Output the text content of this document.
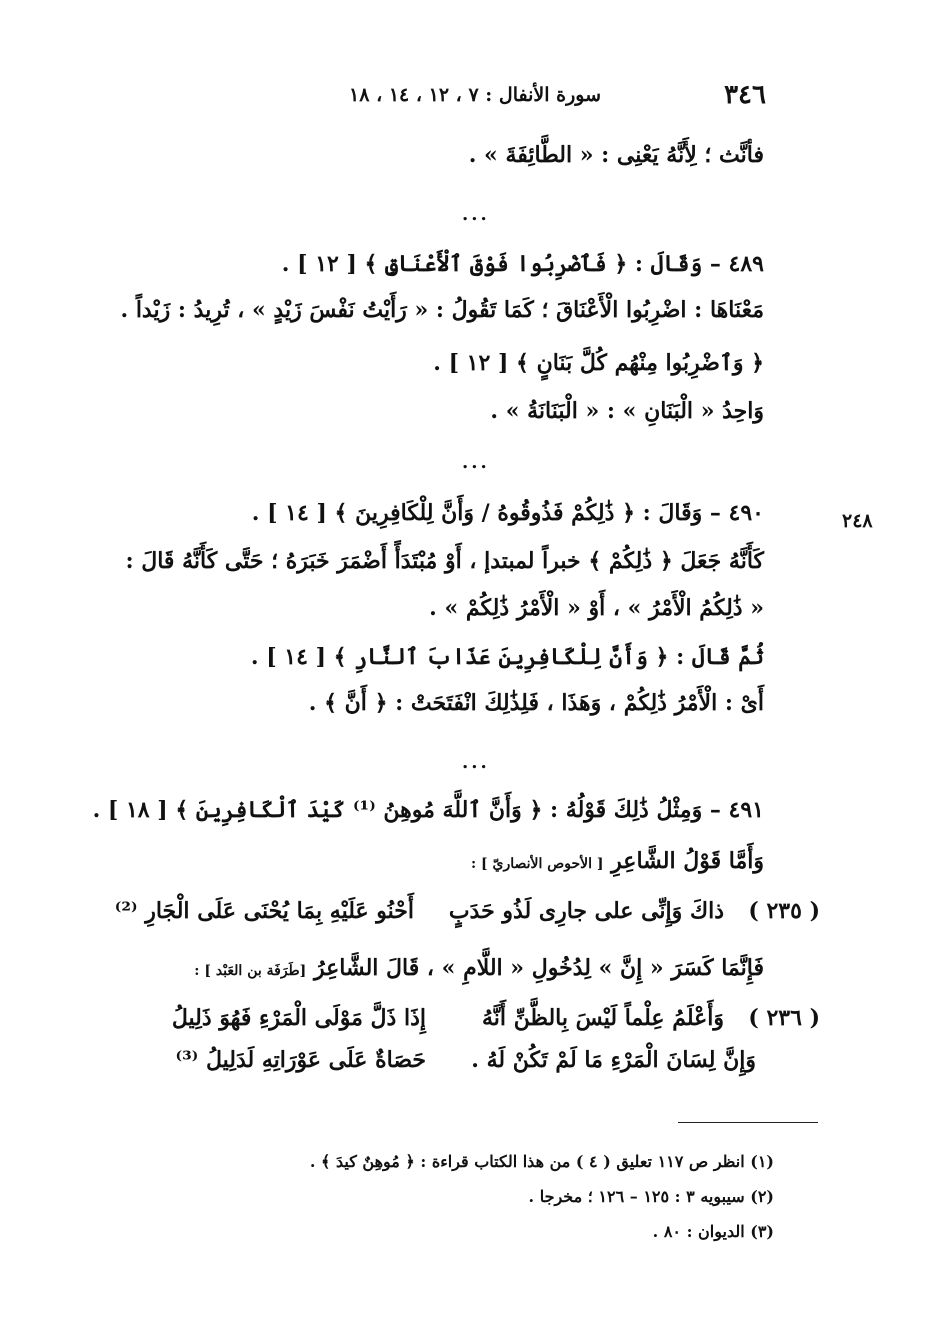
٣٤٦
سورة الأنفال : ٧ ، ١٢ ، ١٤ ، ١٨
٢٤٨
فأنَّث ؛ لِأَنَّهُ يَعْنِى : « الطَّائِفَةَ » .
...
٤٨٩ – وَقَالَ : ﴿ فَٱضْرِبُوا فَوْقَ ٱلْأَعْنَاقِ ﴾ [ ١٢ ] .
مَعْنَاهَا : اضْرِبُوا الْأَعْنَاقَ ؛ كَمَا تَقُولُ : « رَأَيْتُ نَفْسَ زَيْدٍ » ، تُرِيدُ : زَيْداً .
﴿ وَٱضْرِبُوا مِنْهُم كُلَّ بَنَانٍ ﴾ [ ١٢ ] .
وَاحِدُ « الْبَنَانِ » : « الْبَنَانَةُ » .
...
٤٩٠ – وَقَالَ : ﴿ ذَٰلِكُمْ فَذُوقُوهُ / وَأَنَّ لِلْكَافِرِينَ ﴾ [ ١٤ ] .
كَأَنَّهُ جَعَلَ ﴿ ذَٰلِكُمْ ﴾ خبراً لمبتدإ ، أَوْ مُبْتَدَأً أَضْمَرَ خَبَرَهُ ؛ حَتَّى كَأَنَّهُ قَالَ :
« ذَٰلِكُمُ الْأَمْرُ » ، أَوْ « الْأَمْرُ ذَٰلِكُمْ » .
ثُمَّ قَالَ : ﴿ وَأَنَّ لِلْكَافِرِينَ عَذَابَ ٱلنَّارِ ﴾ [ ١٤ ] .
أَىْ : الْأَمْرُ ذَٰلِكُمْ ، وَهَذَا ، فَلِذَٰلِكَ انْفَتَحَتْ : ﴿ أَنَّ ﴾ .
...
٤٩١ – وَمِثْلُ ذَٰلِكَ قَوْلُهُ : ﴿ وَأَنَّ ٱللَّهَ مُوهِنُ ⁽¹⁾ كَيْدَ ٱلْكَافِرِينَ ﴾ [ ١٨ ] .
وَأَمَّا قَوْلُ الشَّاعِرِ [ الأحوص الأنصاريّ ] :
( ٢٣٥ )
ذاكَ وَإِنِّى على جارِى لَذُو حَدَبٍ
أَحْنُو عَلَيْهِ بِمَا يُحْنَى عَلَى الْجَارِ ⁽²⁾
فَإِنَّمَا كَسَرَ « إِنَّ » لِدُخُولِ « اللَّامِ » ، قَالَ الشَّاعِرُ [طَرَفَة بن العَبْد ] :
( ٢٣٦ )
وَأَعْلَمُ عِلْماً لَيْسَ بِالظَّنِّ أَنَّهُ
إِذَا ذَلَّ مَوْلَى الْمَرْءِ فَهُوَ ذَلِيلُ
وَإِنَّ لِسَانَ الْمَرْءِ مَا لَمْ تَكُنْ لَهُ .
حَصَاةٌ عَلَى عَوْرَاتِهِ لَدَلِيلُ ⁽³⁾
(١) انظر ص ١١٧ تعليق ( ٤ ) من هذا الكتاب قراءة : ﴿ مُوهِنٌ كيدَ ﴾ .
(٢) سيبويه ٣ : ١٢٥ – ١٢٦ ؛ مخرجا .
(٣) الديوان : ٨٠ .
